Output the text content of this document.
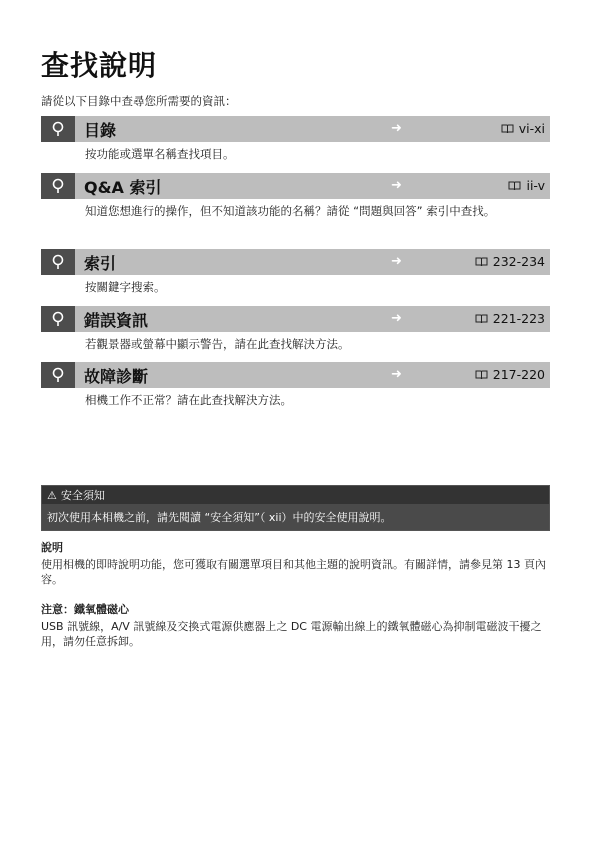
查找說明
請從以下目錄中查尋您所需要的資訊：
目錄	➜	vi-xi
按功能或選單名稱查找項目。
Q&A 索引	➜	ii-v
知道您想進行的操作，但不知道該功能的名稱？請從 “問題與回答” 索引中查找。
索引	➜	232-234
按關鍵字搜索。
錯誤資訊	➜	221-223
若觀景器或螢幕中顯示警告，請在此查找解決方法。
故障診斷	➜	217-220
相機工作不正常？請在此查找解決方法。
⚠ 安全須知
初次使用本相機之前，請先閱讀 “安全須知”（ xii）中的安全使用說明。
說明
使用相機的即時說明功能，您可獲取有關選單項目和其他主題的說明資訊。有關詳情，請參見第 13 頁內容。
注意：鐵氧體磁心
USB 訊號線，A/V 訊號線及交換式電源供應器上之 DC 電源輸出線上的鐵氧體磁心為抑制電磁波干擾之用，請勿任意拆卸。
